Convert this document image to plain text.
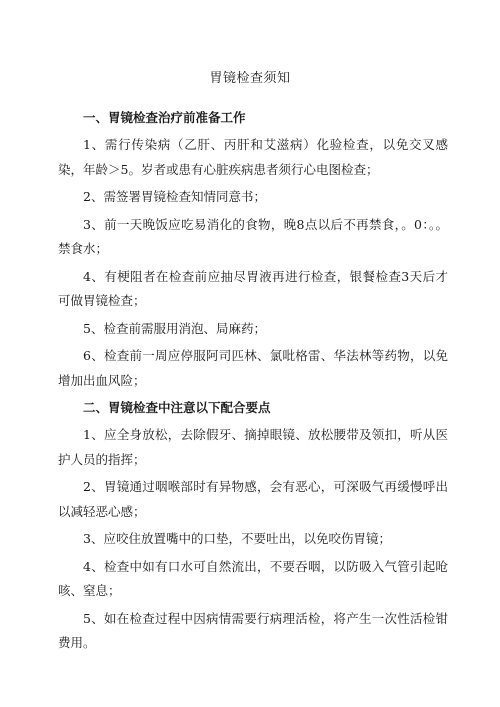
胃镜检查须知
一、胃镜检查治疗前准备工作

1、需行传染病（乙肝、丙肝和艾滋病）化验检查，以免交叉感染，年龄＞5。岁者或患有心脏疾病患者须行心电图检查；

2、需签署胃镜检查知情同意书；

3、前一天晚饭应吃易消化的食物，晚8点以后不再禁食，。0：。。禁食水；

4、有梗阻者在检查前应抽尽胃液再进行检查，银餐检查3天后才可做胃镜检查；

5、检查前需服用消泡、局麻药；

6、检查前一周应停服阿司匹林、氯吡格雷、华法林等药物，以免增加出血风险；

二、胃镜检查中注意以下配合要点

1、应全身放松，去除假牙、摘掉眼镜、放松腰带及领扣，听从医护人员的指挥；

2、胃镜通过咽喉部时有异物感，会有恶心，可深吸气再缓慢呼出以减轻恶心感；

3、应咬住放置嘴中的口垫，不要吐出，以免咬伤胃镜；

4、检查中如有口水可自然流出，不要吞咽，以防吸入气管引起呛咳、窒息；

5、如在检查过程中因病情需要行病理活检，将产生一次性活检钳费用。
